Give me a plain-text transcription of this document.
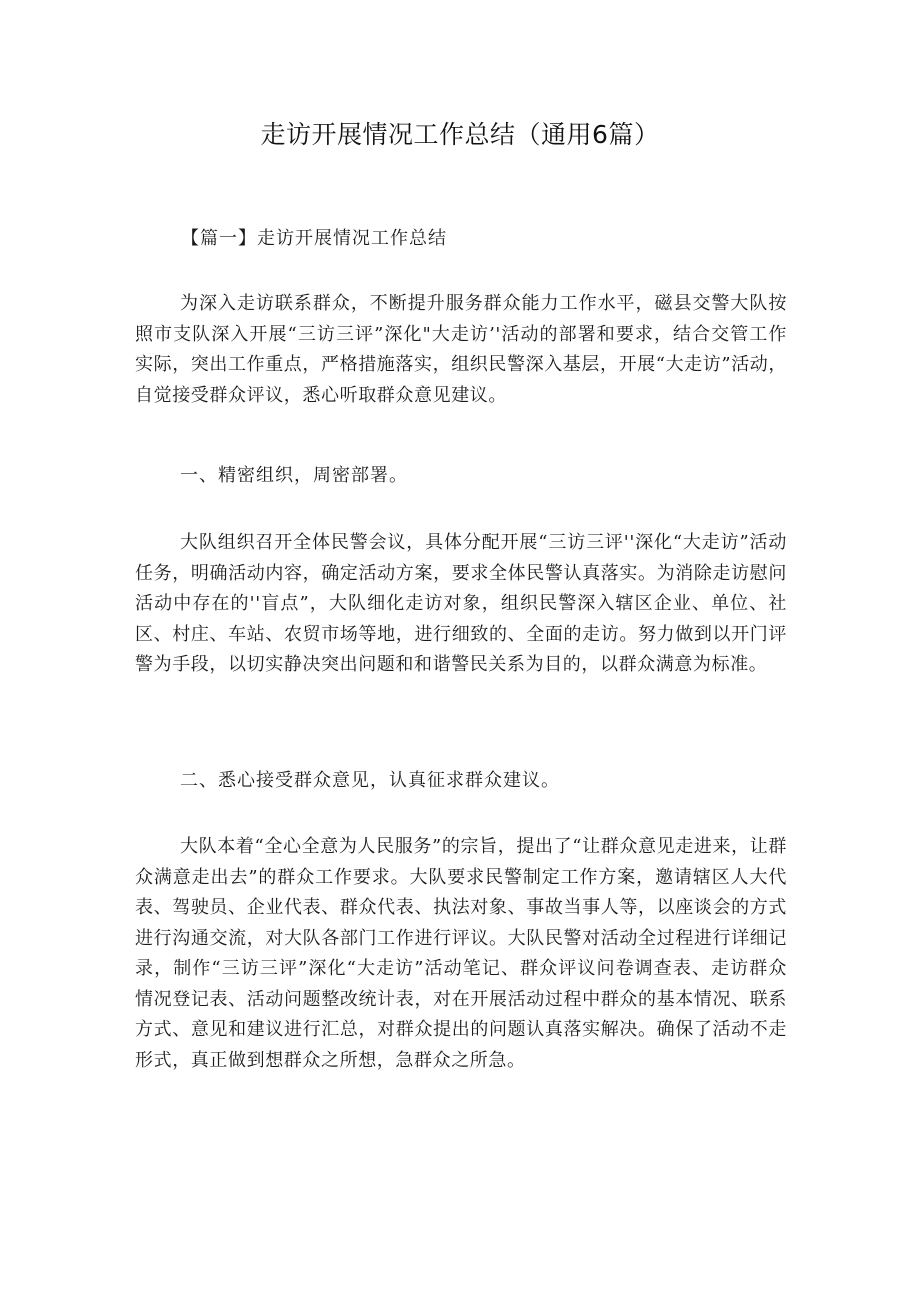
走访开展情况工作总结（通用6篇）
【篇一】走访开展情况工作总结

为深入走访联系群众，不断提升服务群众能力工作水平，磁县交警大队按照市支队深入开展“三访三评”深化"大走访’'活动的部署和要求，结合交管工作实际，突出工作重点，严格措施落实，组织民警深入基层，开展“大走访”活动，自觉接受群众评议，悉心听取群众意见建议。

一、精密组织，周密部署。

大队组织召开全体民警会议，具体分配开展“三访三评''深化“大走访”活动任务，明确活动内容，确定活动方案，要求全体民警认真落实。为消除走访慰问活动中存在的''盲点”，大队细化走访对象，组织民警深入辖区企业、单位、社区、村庄、车站、农贸市场等地，进行细致的、全面的走访。努力做到以开门评警为手段，以切实静决突出问题和和谐警民关系为目的，以群众满意为标准。

二、悉心接受群众意见，认真征求群众建议。

大队本着“全心全意为人民服务”的宗旨，提出了“让群众意见走进来，让群众满意走出去”的群众工作要求。大队要求民警制定工作方案，邀请辖区人大代表、驾驶员、企业代表、群众代表、执法对象、事故当事人等，以座谈会的方式进行沟通交流，对大队各部门工作进行评议。大队民警对活动全过程进行详细记录，制作“三访三评”深化“大走访”活动笔记、群众评议问卷调查表、走访群众情况登记表、活动问题整改统计表，对在开展活动过程中群众的基本情况、联系方式、意见和建议进行汇总，对群众提出的问题认真落实解决。确保了活动不走形式，真正做到想群众之所想，急群众之所急。
